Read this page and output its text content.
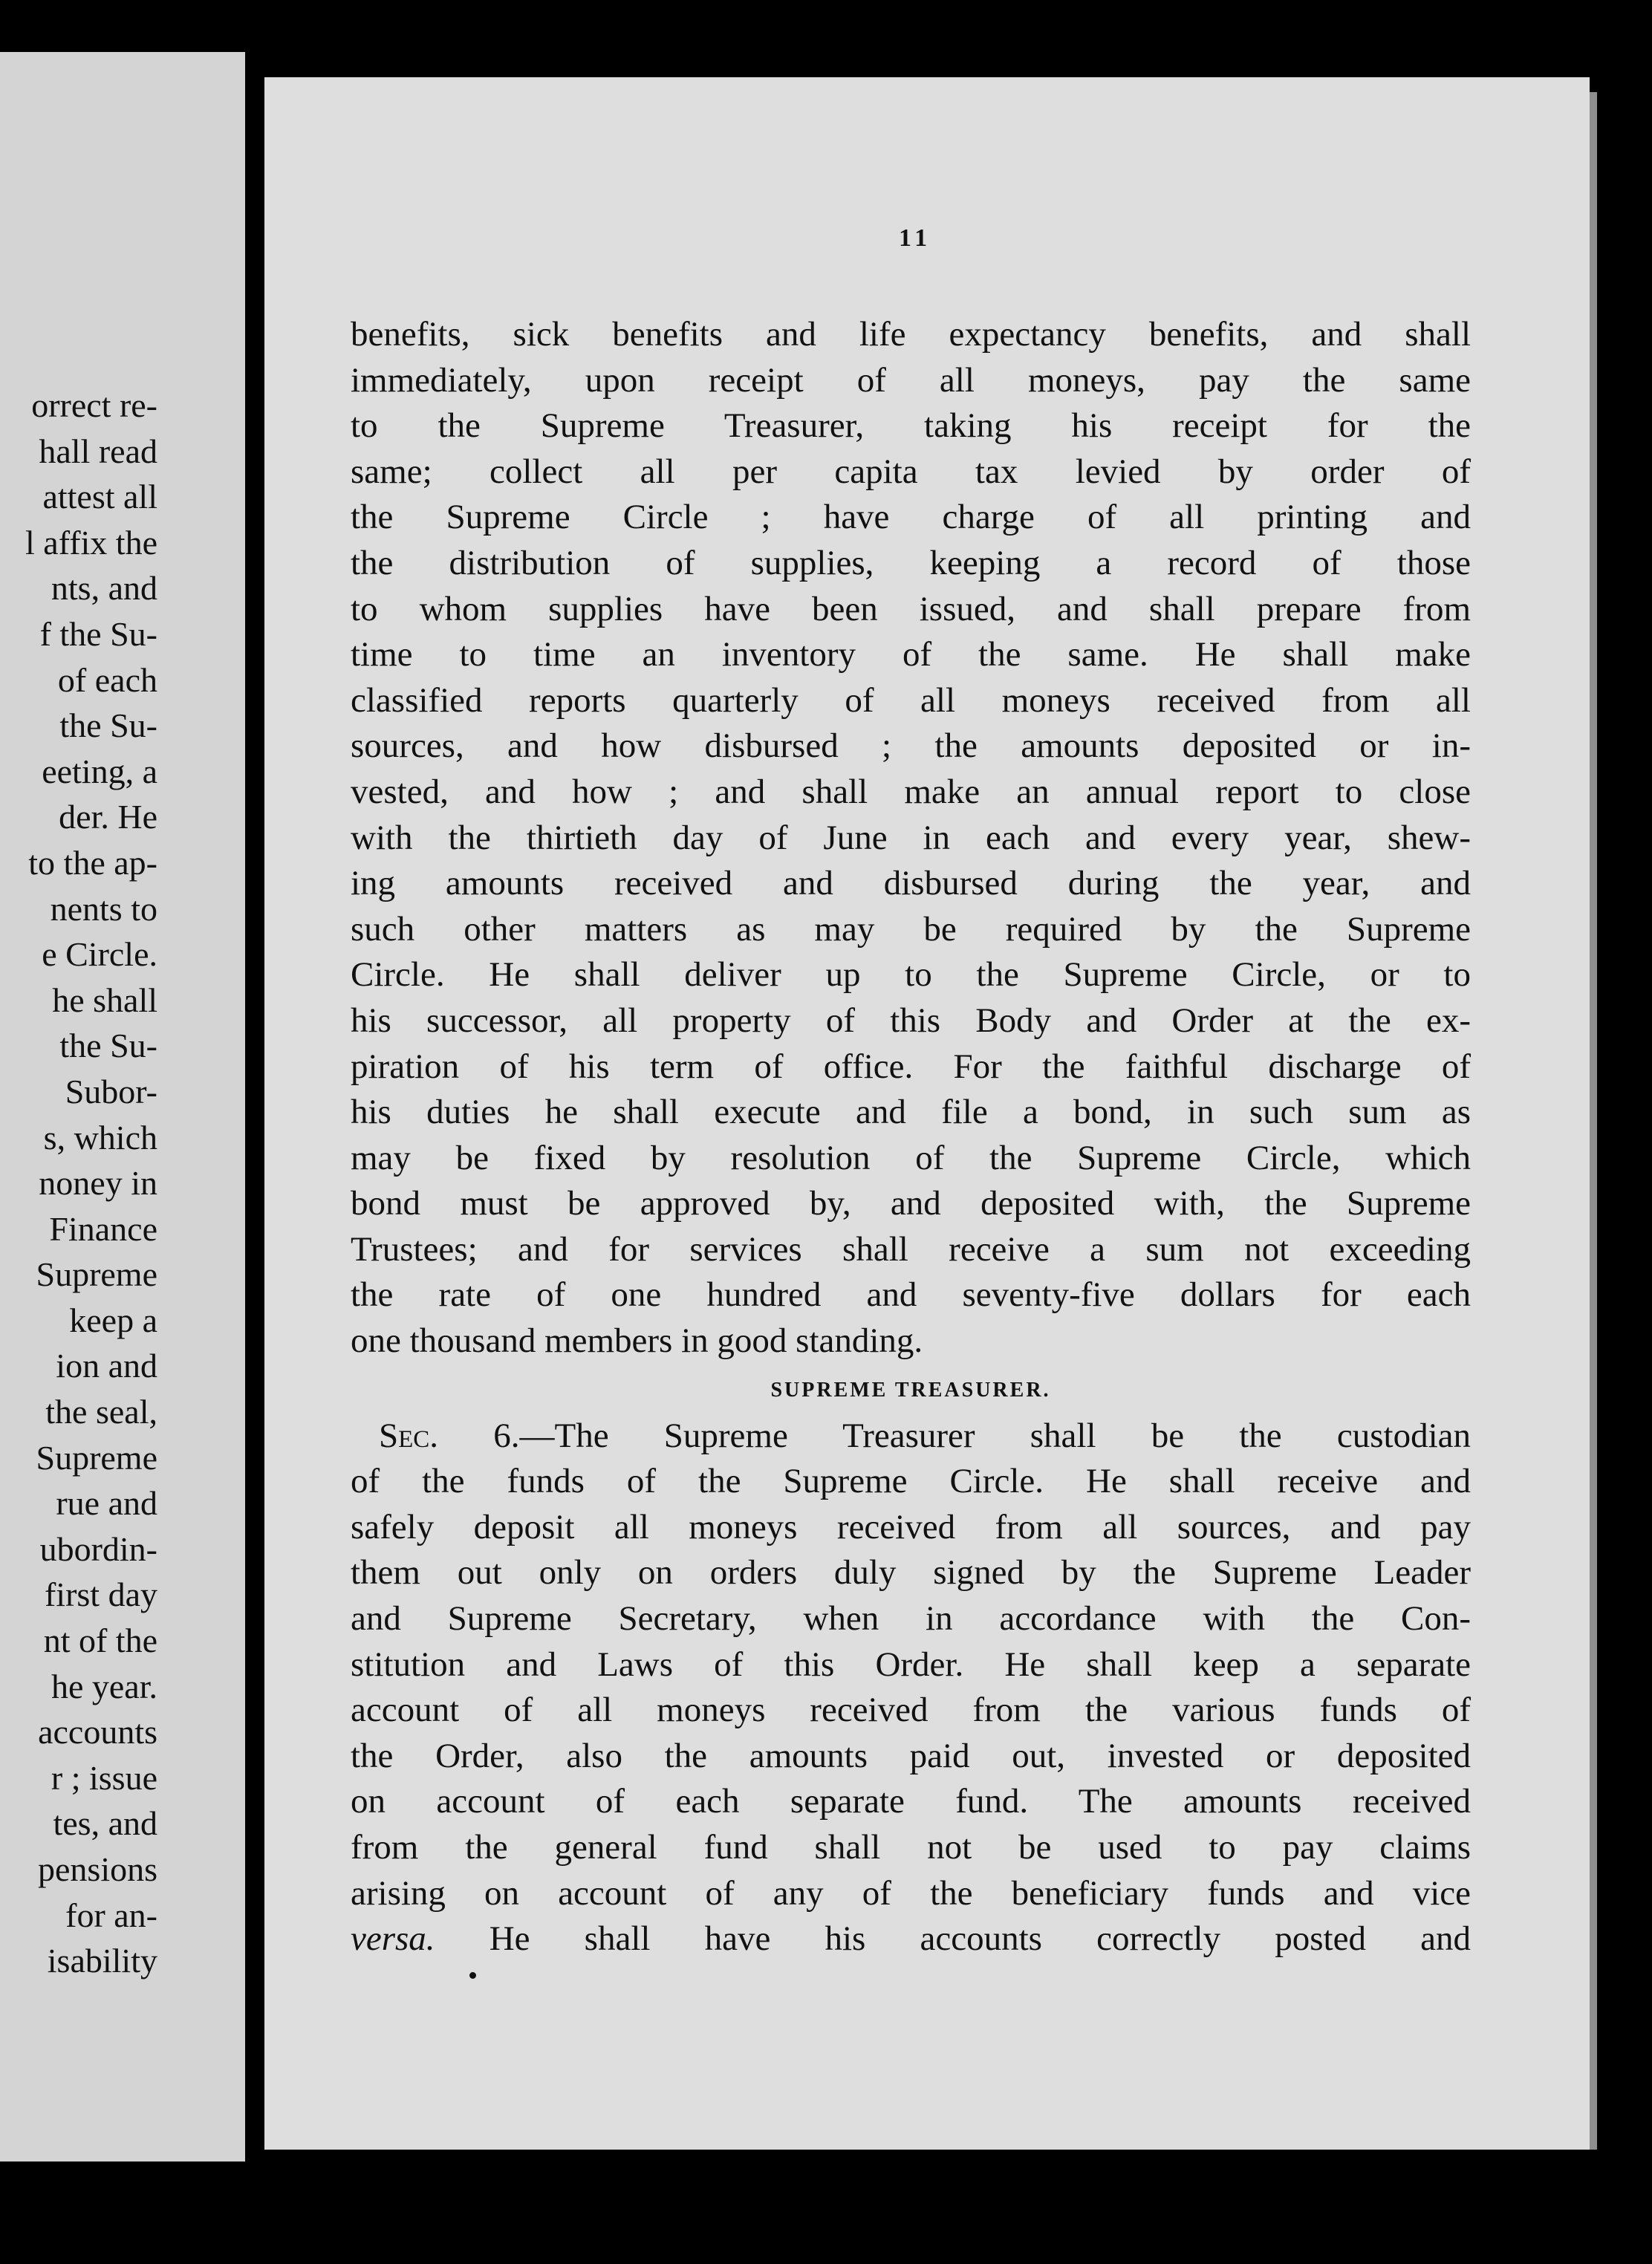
orrect re-
hall read
attest all
l affix the
nts, and
f the Su-
of each
the Su-
eeting, a
der. He
to the ap-
nents to
e Circle.
he shall
the Su-
Subor-
s, which
noney in
Finance
Supreme
keep a
ion and
the seal,
Supreme
rue and
ubordin-
first day
nt of the
he year.
accounts
r ; issue
tes, and
pensions
for an-
isability
11
benefits, sick benefits and life expectancy benefits, and shall
immediately, upon receipt of all moneys, pay the same
to the Supreme Treasurer, taking his receipt for the
same; collect all per capita tax levied by order of
the Supreme Circle ; have charge of all printing and
the distribution of supplies, keeping a record of those
to whom supplies have been issued, and shall prepare from
time to time an inventory of the same. He shall make
classified reports quarterly of all moneys received from all
sources, and how disbursed ; the amounts deposited or in-
vested, and how ; and shall make an annual report to close
with the thirtieth day of June in each and every year, shew-
ing amounts received and disbursed during the year, and
such other matters as may be required by the Supreme
Circle. He shall deliver up to the Supreme Circle, or to
his successor, all property of this Body and Order at the ex-
piration of his term of office. For the faithful discharge of
his duties he shall execute and file a bond, in such sum as
may be fixed by resolution of the Supreme Circle, which
bond must be approved by, and deposited with, the Supreme
Trustees; and for services shall receive a sum not exceeding
the rate of one hundred and seventy-five dollars for each
one thousand members in good standing.
SUPREME TREASURER.
Sec. 6.—The Supreme Treasurer shall be the custodian
of the funds of the Supreme Circle. He shall receive and
safely deposit all moneys received from all sources, and pay
them out only on orders duly signed by the Supreme Leader
and Supreme Secretary, when in accordance with the Con-
stitution and Laws of this Order. He shall keep a separate
account of all moneys received from the various funds of
the Order, also the amounts paid out, invested or deposited
on account of each separate fund. The amounts received
from the general fund shall not be used to pay claims
arising on account of any of the beneficiary funds and vice
versa. He shall have his accounts correctly posted and
